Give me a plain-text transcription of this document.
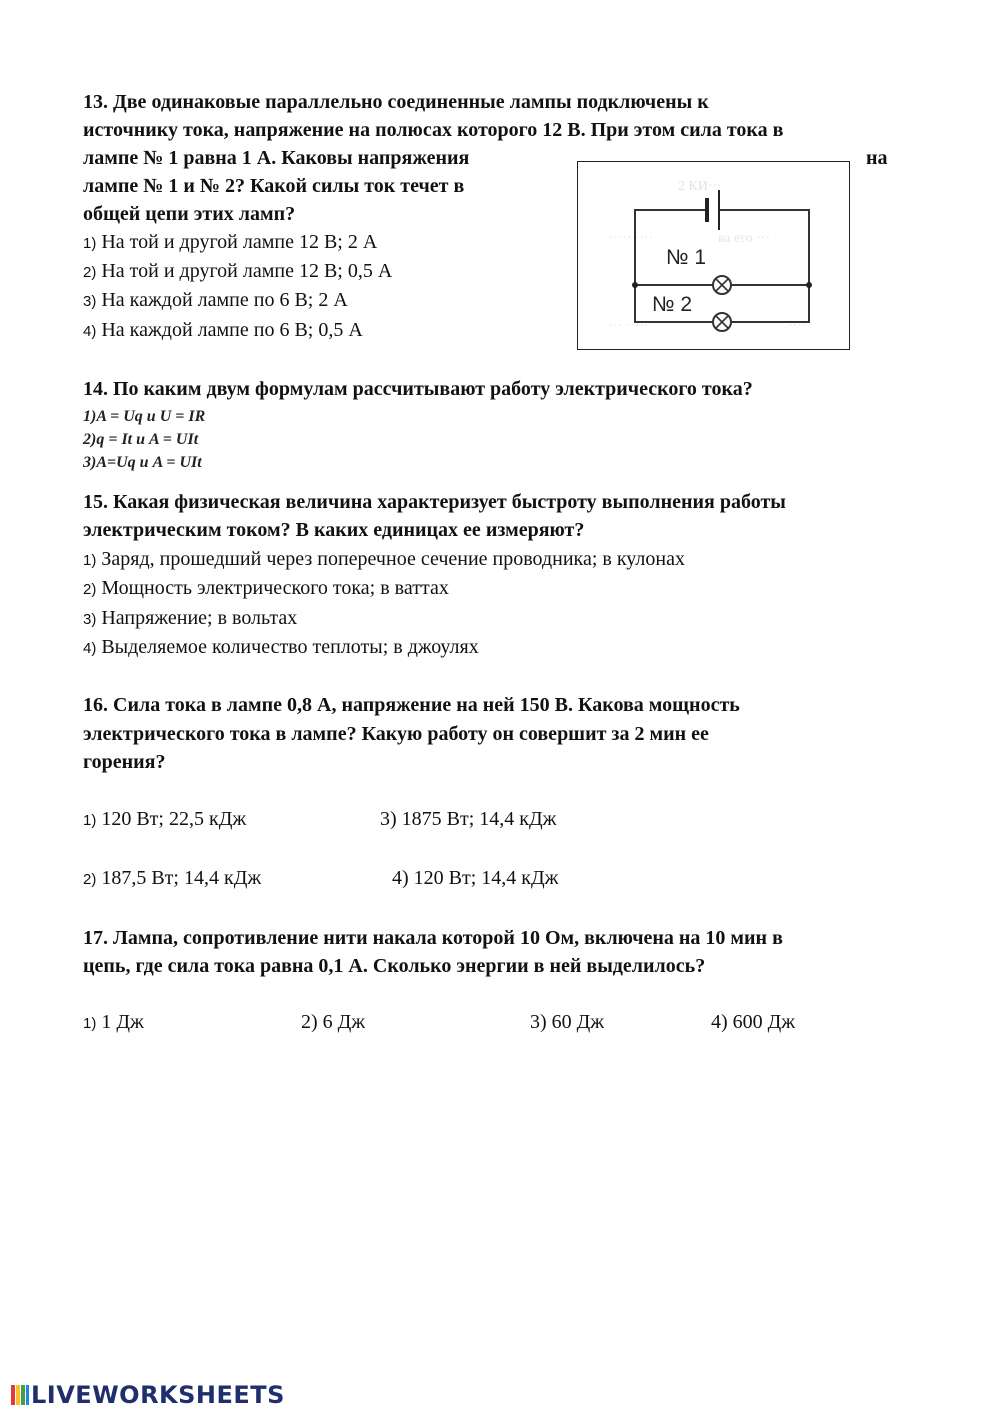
13. Две одинаковые параллельно соединенные лампы подключены к
источнику тока, напряжение на полюсах которого 12 В. При этом сила тока в
лампе № 1 равна 1 А. Каковы напряжения	на
лампе № 1 и № 2? Какой силы ток течет в
общей цепи этих ламп?
1) На той и другой лампе 12 В; 2 А
2) На той и другой лампе 12 В; 0,5 А
3) На каждой лампе по 6 В; 2 А
4) На каждой лампе по 6 В; 0,5 А
2 КИ···
····· ····	ва его ···
··· ·····	····
№ 1
№ 2
14. По каким двум формулам рассчитывают работу электрического тока?
1)A = Uq и U = IR
2)q = It и A = UIt
3)A=Uq и A = UIt
15. Какая физическая величина характеризует быстроту выполнения работы
электрическим током? В каких единицах ее измеряют?
1) Заряд, прошедший через поперечное сечение проводника; в кулонах
2) Мощность электрического тока; в ваттах
3) Напряжение; в вольтах
4) Выделяемое количество теплоты; в джоулях
16. Сила тока в лампе 0,8 А, напряжение на ней 150 В. Какова мощность
электрического тока в лампе? Какую работу он совершит за 2 мин ее
горения?
1) 120 Вт; 22,5 кДж	3) 1875 Вт; 14,4 кДж
2) 187,5 Вт; 14,4 кДж	4) 120 Вт; 14,4 кДж
17. Лампа, сопротивление нити накала которой 10 Ом, включена на 10 мин в
цепь, где сила тока равна 0,1 А. Сколько энергии в ней выделилось?
1) 1 Дж	2) 6 Дж	3) 60 Дж	4) 600 Дж
LIVEWORKSHEETS
